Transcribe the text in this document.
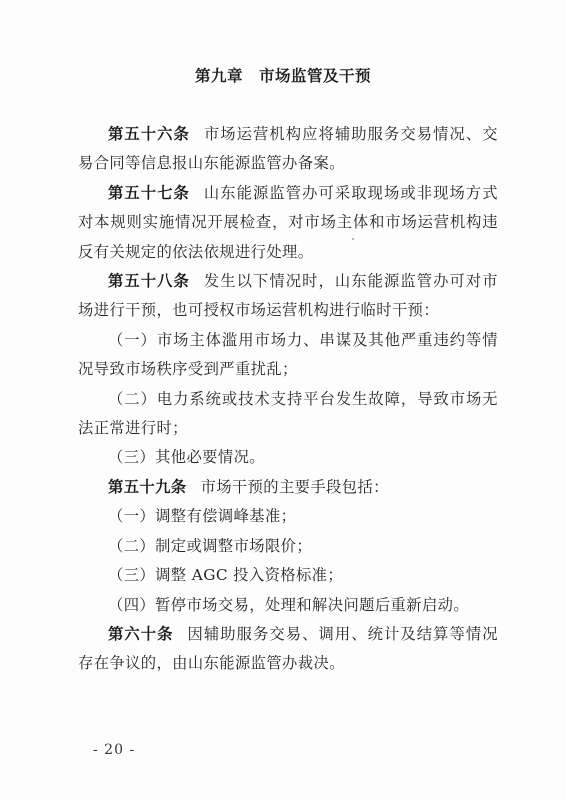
第九章　市场监管及干预

第五十六条 市场运营机构应将辅助服务交易情况、交易合同等信息报山东能源监管办备案。

第五十七条 山东能源监管办可采取现场或非现场方式对本规则实施情况开展检查，对市场主体和市场运营机构违反有关规定的依法依规进行处理。

第五十八条 发生以下情况时，山东能源监管办可对市场进行干预，也可授权市场运营机构进行临时干预：

（一）市场主体滥用市场力、串谋及其他严重违约等情况导致市场秩序受到严重扰乱；

（二）电力系统或技术支持平台发生故障，导致市场无法正常进行时；

（三）其他必要情况。

第五十九条 市场干预的主要手段包括：

（一）调整有偿调峰基准；

（二）制定或调整市场限价；

（三）调整 AGC 投入资格标准；

（四）暂停市场交易，处理和解决问题后重新启动。

第六十条 因辅助服务交易、调用、统计及结算等情况存在争议的，由山东能源监管办裁决。

- 20 -
